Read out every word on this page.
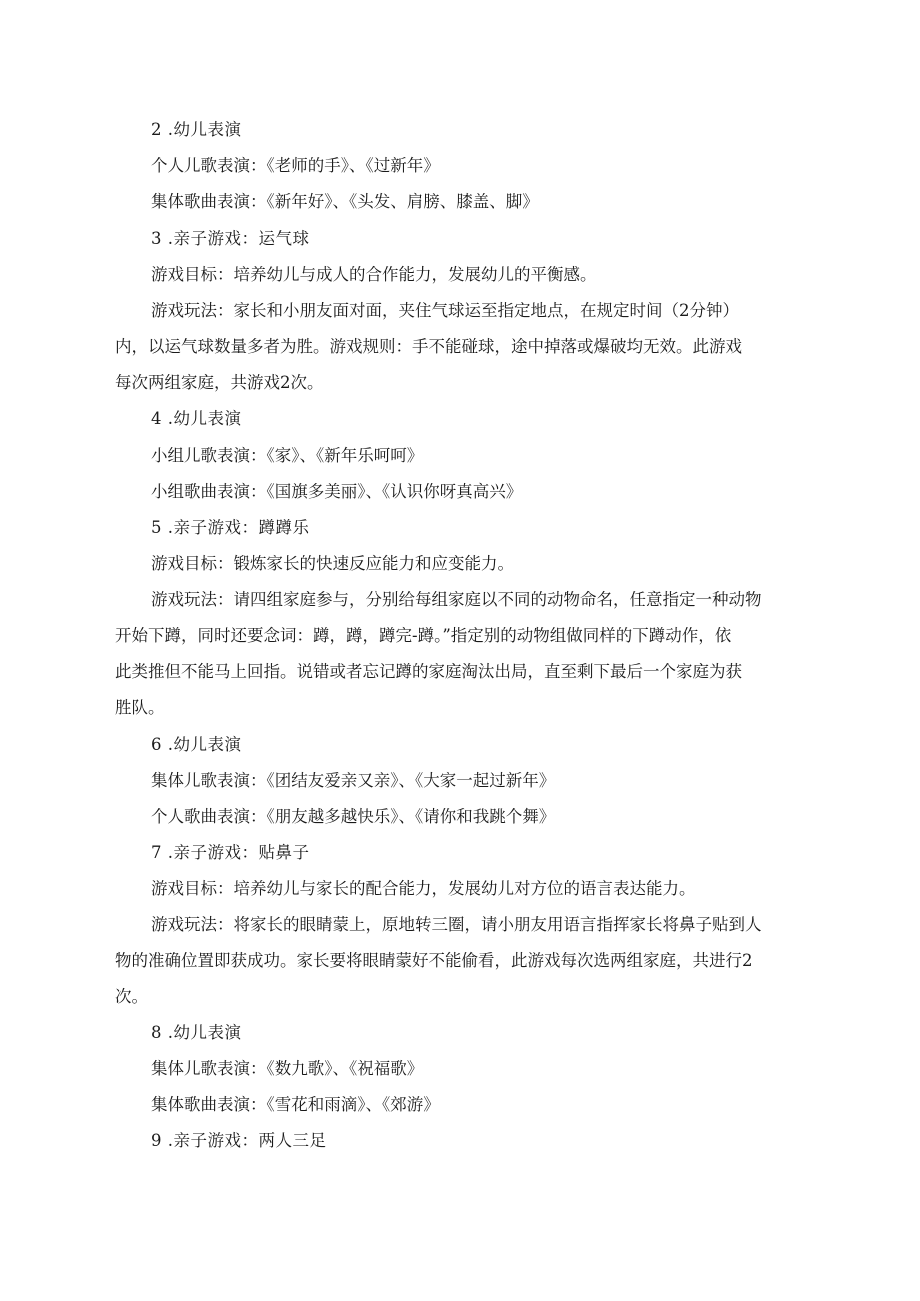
2 .幼儿表演

个人儿歌表演：《老师的手》、《过新年》

集体歌曲表演：《新年好》、《头发、肩膀、膝盖、脚》

3 .亲子游戏：运气球

游戏目标：培养幼儿与成人的合作能力，发展幼儿的平衡感。

游戏玩法：家长和小朋友面对面，夹住气球运至指定地点，在规定时间（2分钟）

内，以运气球数量多者为胜。游戏规则：手不能碰球，途中掉落或爆破均无效。此游戏

每次两组家庭，共游戏2次。

4 .幼儿表演

小组儿歌表演：《家》、《新年乐呵呵》

小组歌曲表演：《国旗多美丽》、《认识你呀真高兴》

5 .亲子游戏：蹲蹲乐

游戏目标：锻炼家长的快速反应能力和应变能力。

游戏玩法：请四组家庭参与，分别给每组家庭以不同的动物命名，任意指定一种动物

开始下蹲，同时还要念词：蹲，蹲，蹲完-蹲。”指定别的动物组做同样的下蹲动作，依

此类推但不能马上回指。说错或者忘记蹲的家庭淘汰出局，直至剩下最后一个家庭为获

胜队。

6 .幼儿表演

集体儿歌表演：《团结友爱亲又亲》、《大家一起过新年》

个人歌曲表演：《朋友越多越快乐》、《请你和我跳个舞》

7 .亲子游戏：贴鼻子

游戏目标：培养幼儿与家长的配合能力，发展幼儿对方位的语言表达能力。

游戏玩法：将家长的眼睛蒙上，原地转三圈，请小朋友用语言指挥家长将鼻子贴到人

物的准确位置即获成功。家长要将眼睛蒙好不能偷看，此游戏每次选两组家庭，共进行2

次。

8 .幼儿表演

集体儿歌表演：《数九歌》、《祝福歌》

集体歌曲表演：《雪花和雨滴》、《郊游》

9 .亲子游戏：两人三足
